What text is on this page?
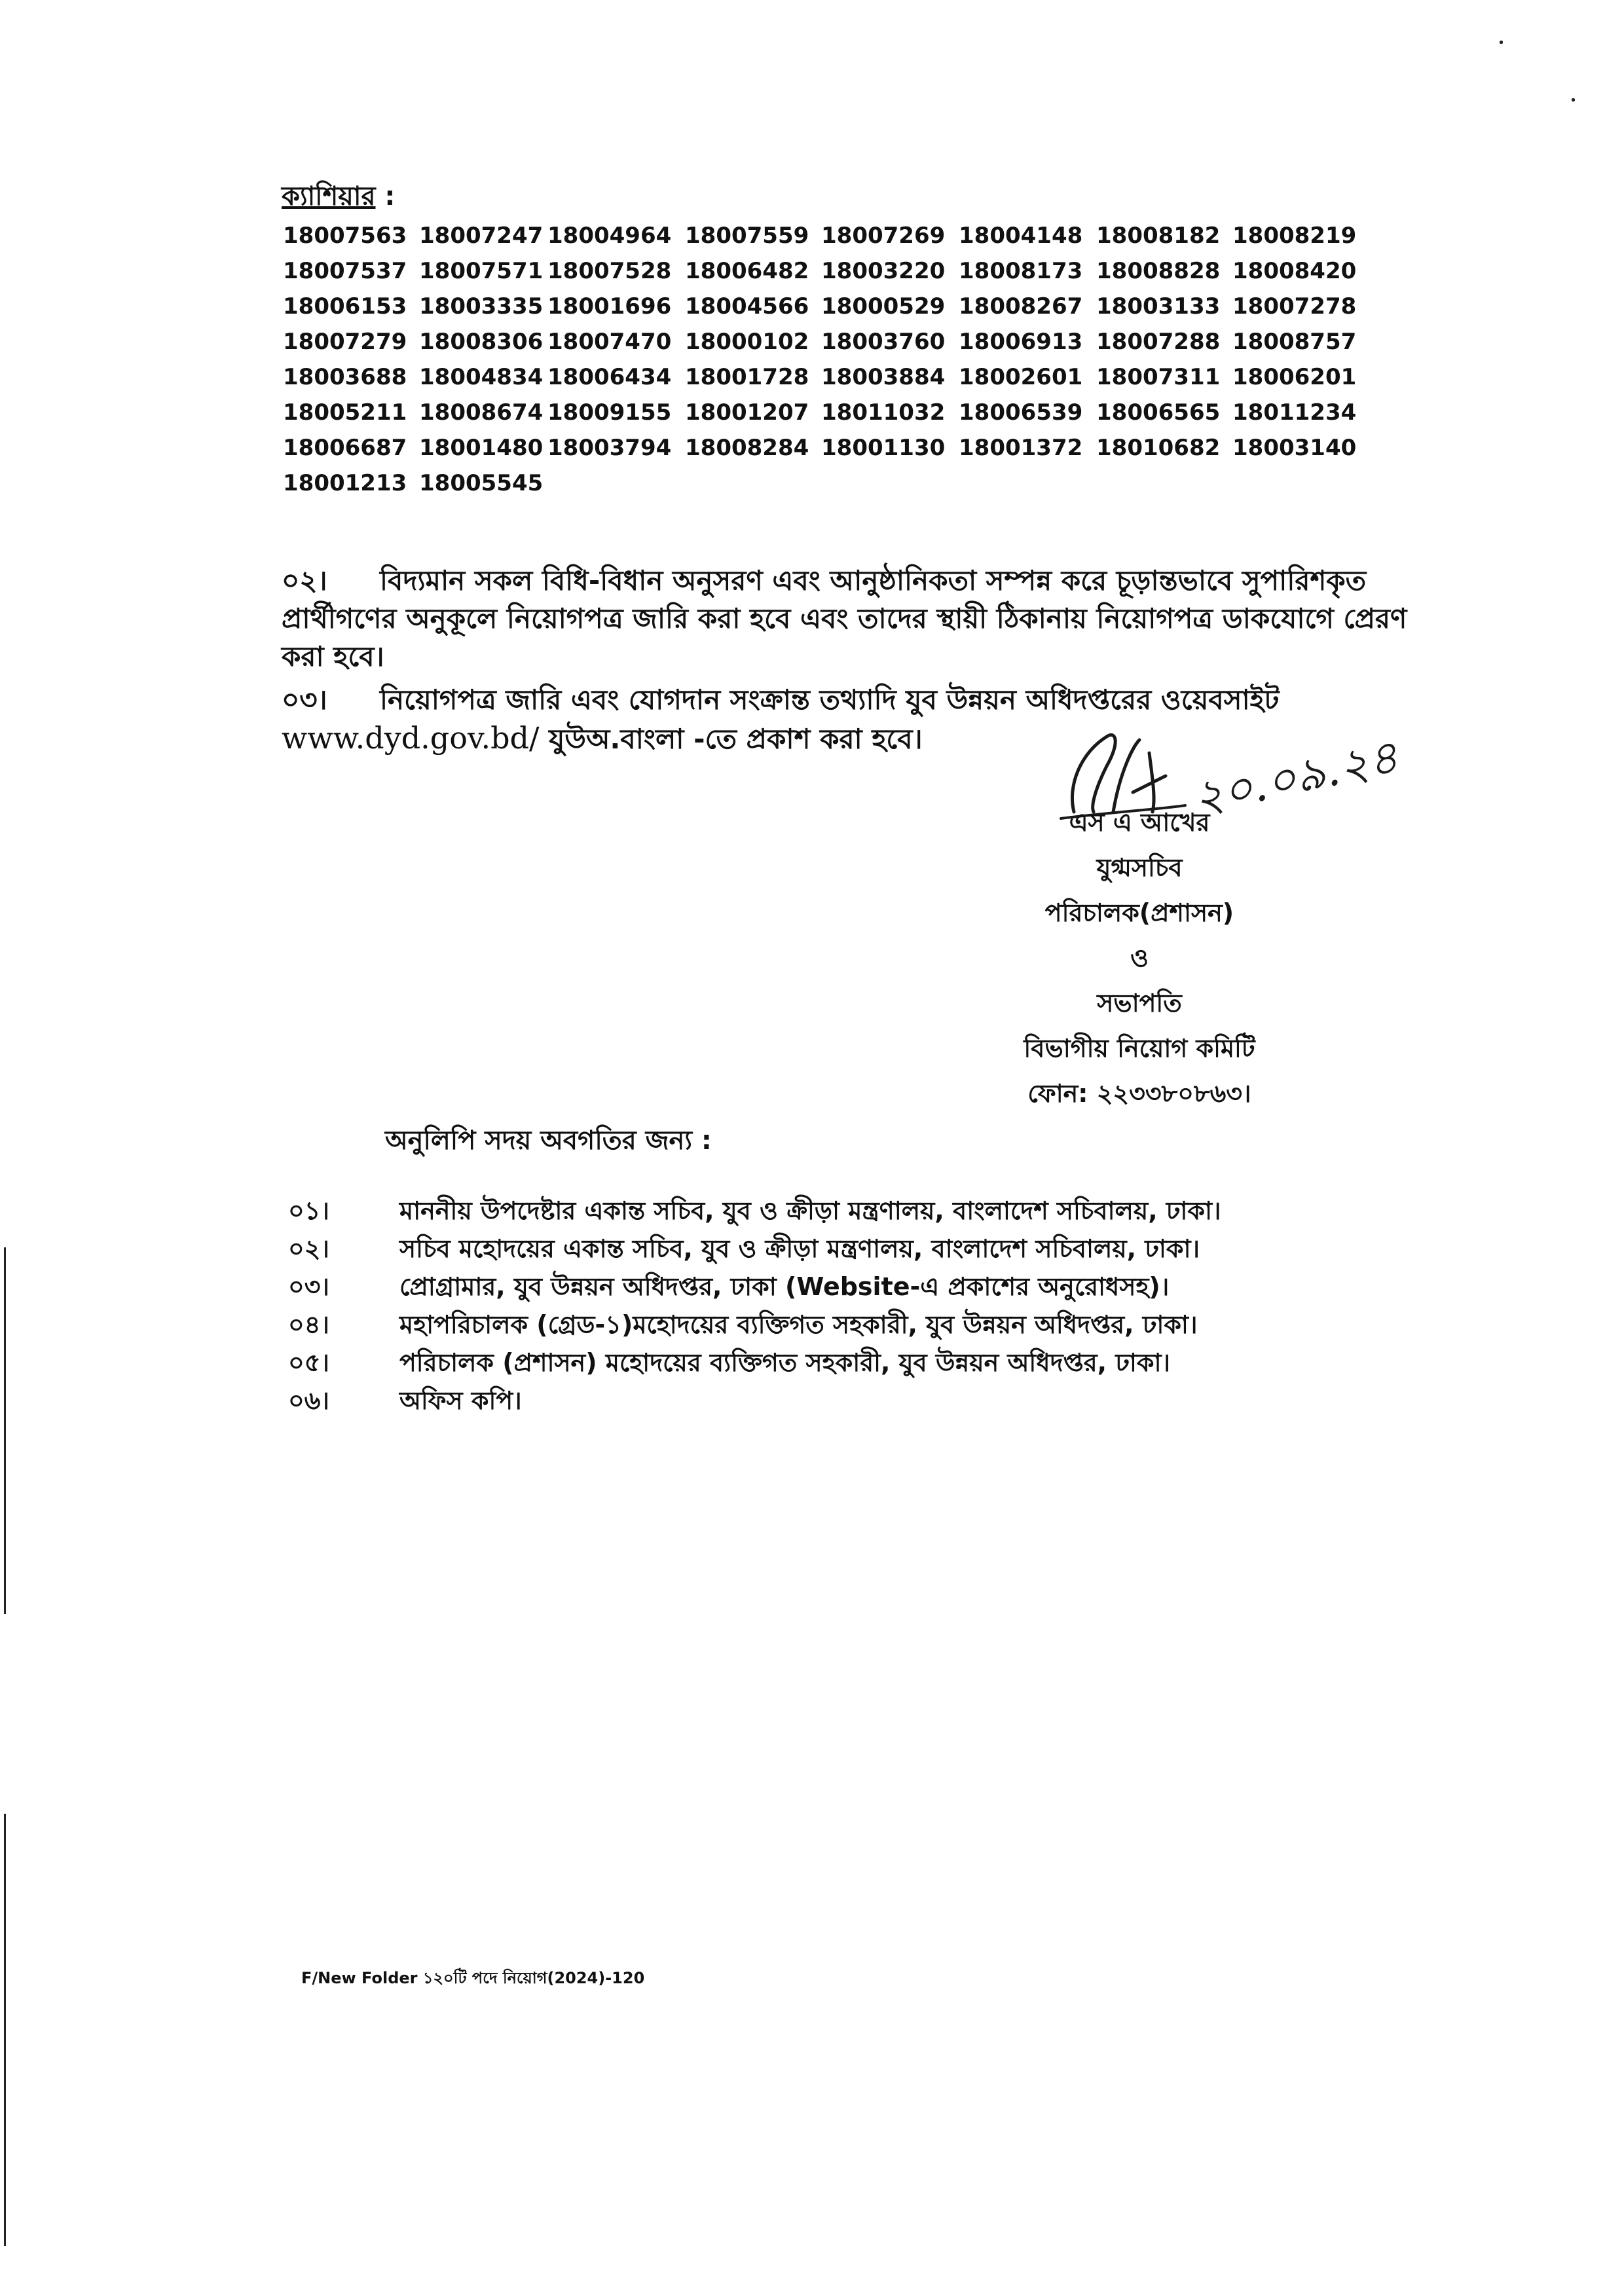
ক্যাশিয়ার :
18007563 18007247 18004964 18007559 18007269 18004148 18008182 18008219
18007537 18007571 18007528 18006482 18003220 18008173 18008828 18008420
18006153 18003335 18001696 18004566 18000529 18008267 18003133 18007278
18007279 18008306 18007470 18000102 18003760 18006913 18007288 18008757
18003688 18004834 18006434 18001728 18003884 18002601 18007311 18006201
18005211 18008674 18009155 18001207 18011032 18006539 18006565 18011234
18006687 18001480 18003794 18008284 18001130 18001372 18010682 18003140
18001213 18005545
০২। বিদ্যমান সকল বিধি-বিধান অনুসরণ এবং আনুষ্ঠানিকতা সম্পন্ন করে চূড়ান্তভাবে সুপারিশকৃত প্রার্থীগণের অনুকূলে নিয়োগপত্র জারি করা হবে এবং তাদের স্থায়ী ঠিকানায় নিয়োগপত্র ডাকযোগে প্রেরণ করা হবে।
০৩। নিয়োগপত্র জারি এবং যোগদান সংক্রান্ত তথ্যাদি যুব উন্নয়ন অধিদপ্তরের ওয়েবসাইট
www.dyd.gov.bd/ যুউঅ.বাংলা -তে প্রকাশ করা হবে।	২০.০৯.২৪
এস এ আখের
যুগ্মসচিব
পরিচালক(প্রশাসন)
ও
সভাপতি
বিভাগীয় নিয়োগ কমিটি
ফোন: ২২৩৩৮০৮৬৩।
অনুলিপি সদয় অবগতির জন্য :
০১।	মাননীয় উপদেষ্টার একান্ত সচিব, যুব ও ক্রীড়া মন্ত্রণালয়, বাংলাদেশ সচিবালয়, ঢাকা।
০২।	সচিব মহোদয়ের একান্ত সচিব, যুব ও ক্রীড়া মন্ত্রণালয়, বাংলাদেশ সচিবালয়, ঢাকা।
০৩।	প্রোগ্রামার, যুব উন্নয়ন অধিদপ্তর, ঢাকা (Website-এ প্রকাশের অনুরোধসহ)।
০৪।	মহাপরিচালক (গ্রেড-১)মহোদয়ের ব্যক্তিগত সহকারী, যুব উন্নয়ন অধিদপ্তর, ঢাকা।
০৫।	পরিচালক (প্রশাসন) মহোদয়ের ব্যক্তিগত সহকারী, যুব উন্নয়ন অধিদপ্তর, ঢাকা।
০৬।	অফিস কপি।
F/New Folder ১২০টি পদে নিয়োগ(2024)-120
